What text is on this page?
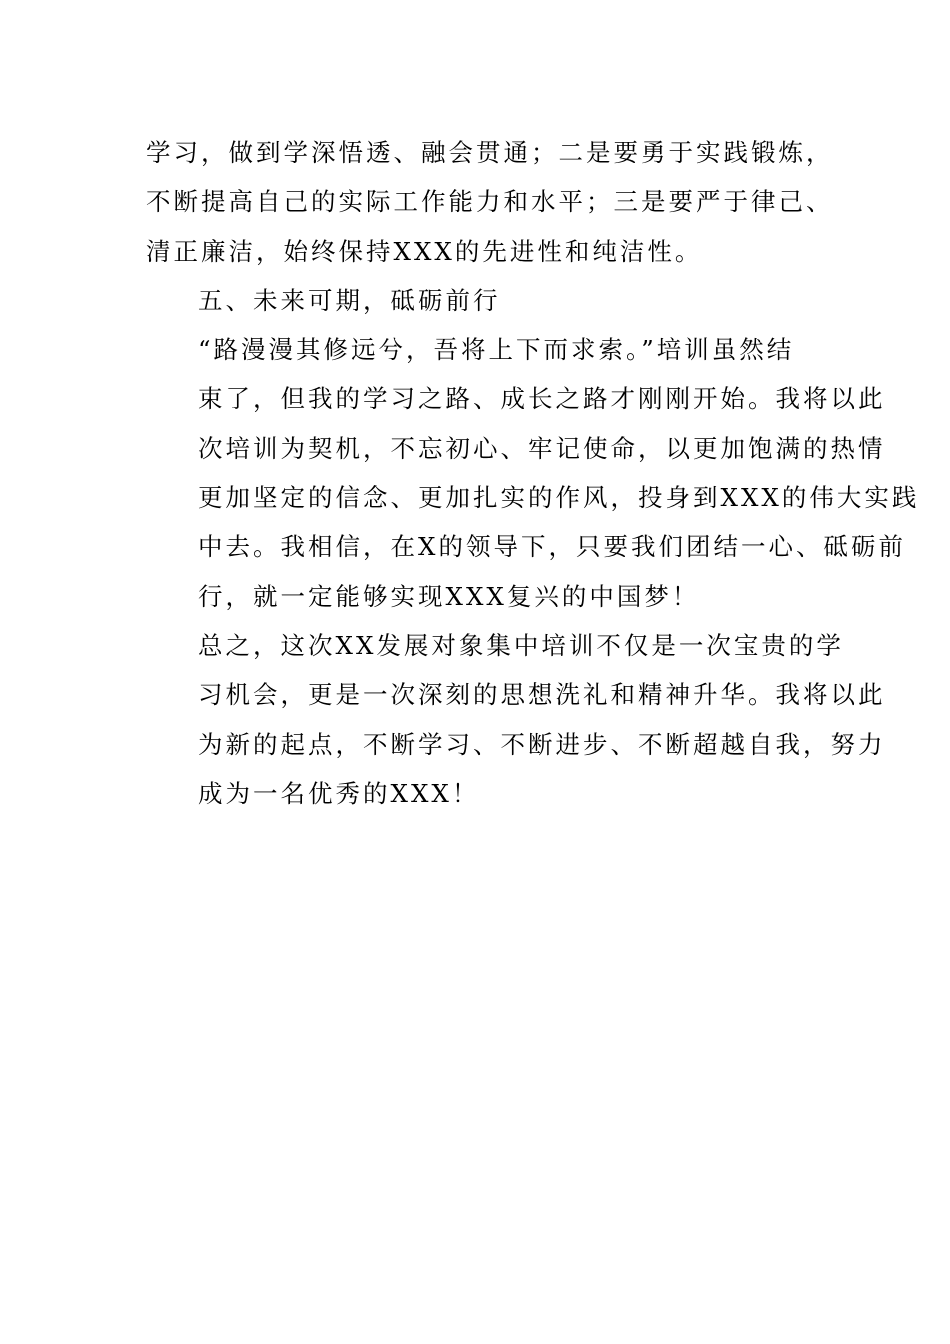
学习，做到学深悟透、融会贯通；二是要勇于实践锻炼，
不断提高自己的实际工作能力和水平；三是要严于律己、
清正廉洁，始终保持XXX的先进性和纯洁性。

五、未来可期，砥砺前行

“路漫漫其修远兮，吾将上下而求索。”培训虽然结
束了，但我的学习之路、成长之路才刚刚开始。我将以此
次培训为契机，不忘初心、牢记使命，以更加饱满的热情
更加坚定的信念、更加扎实的作风，投身到XXX的伟大实践
中去。我相信，在X的领导下，只要我们团结一心、砥砺前
行，就一定能够实现XXX复兴的中国梦！

总之，这次XX发展对象集中培训不仅是一次宝贵的学
习机会，更是一次深刻的思想洗礼和精神升华。我将以此
为新的起点，不断学习、不断进步、不断超越自我，努力
成为一名优秀的XXX！
